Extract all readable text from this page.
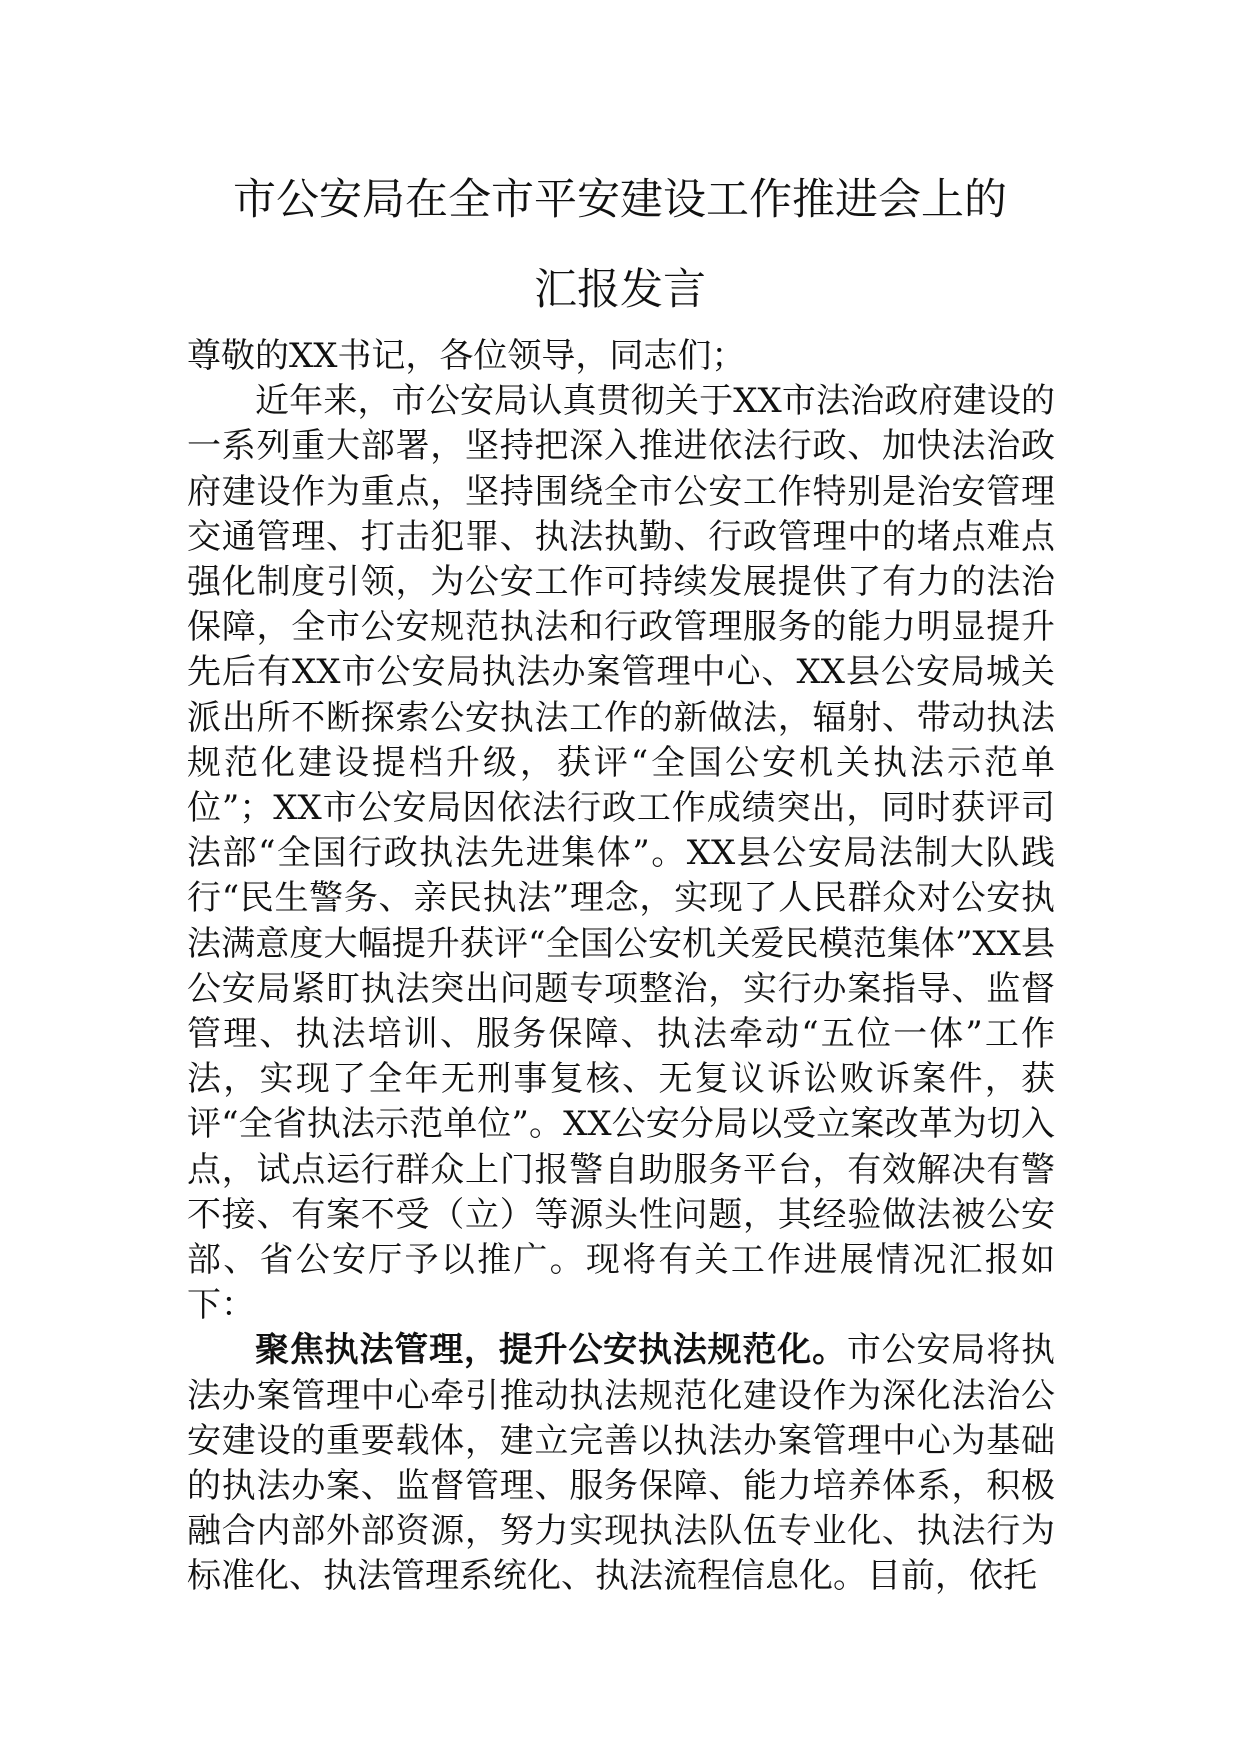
市公安局在全市平安建设工作推进会上的
汇报发言

尊敬的XX书记，各位领导，同志们；

近年来，市公安局认真贯彻关于XX市法治政府建设的一系列重大部署，坚持把深入推进依法行政、加快法治政府建设作为重点，坚持围绕全市公安工作特别是治安管理交通管理、打击犯罪、执法执勤、行政管理中的堵点难点强化制度引领，为公安工作可持续发展提供了有力的法治保障，全市公安规范执法和行政管理服务的能力明显提升先后有XX市公安局执法办案管理中心、XX县公安局城关派出所不断探索公安执法工作的新做法，辐射、带动执法规范化建设提档升级，获评“全国公安机关执法示范单位”；XX市公安局因依法行政工作成绩突出，同时获评司法部“全国行政执法先进集体”。XX县公安局法制大队践行“民生警务、亲民执法”理念，实现了人民群众对公安执法满意度大幅提升获评“全国公安机关爱民模范集体”XX县公安局紧盯执法突出问题专项整治，实行办案指导、监督管理、执法培训、服务保障、执法牵动“五位一体”工作法，实现了全年无刑事复核、无复议诉讼败诉案件，获评“全省执法示范单位”。XX公安分局以受立案改革为切入点，试点运行群众上门报警自助服务平台，有效解决有警不接、有案不受（立）等源头性问题，其经验做法被公安部、省公安厅予以推广。现将有关工作进展情况汇报如下：

聚焦执法管理，提升公安执法规范化。市公安局将执法办案管理中心牵引推动执法规范化建设作为深化法治公安建设的重要载体，建立完善以执法办案管理中心为基础的执法办案、监督管理、服务保障、能力培养体系，积极融合内部外部资源，努力实现执法队伍专业化、执法行为标准化、执法管理系统化、执法流程信息化。目前，依托
